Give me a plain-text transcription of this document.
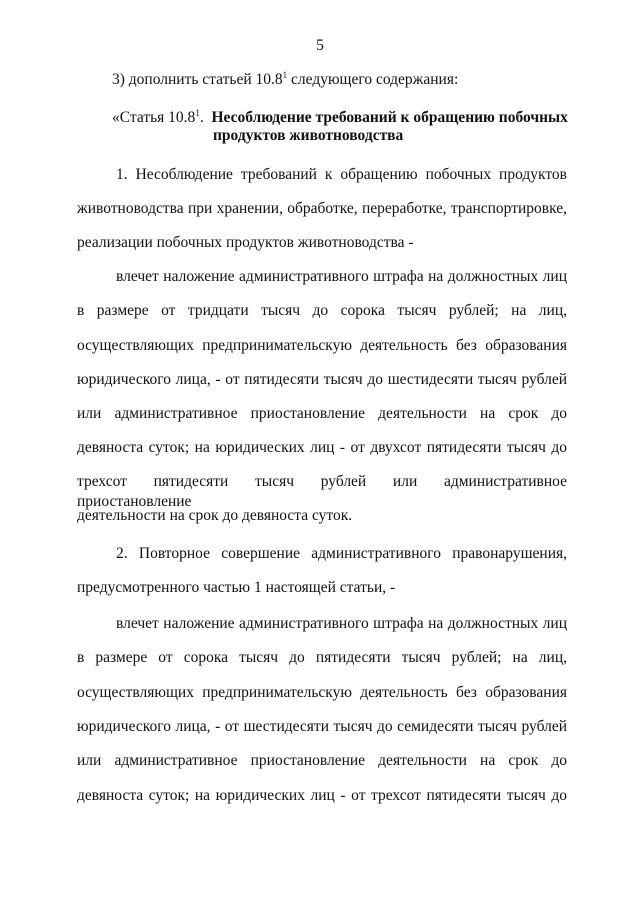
5
3) дополнить статьей 10.8$^1$ следующего содержания:
«Статья 10.8$^1$. Несоблюдение требований к обращению побочных
продуктов животноводства
1. Несоблюдение требований к обращению побочных продуктов
животноводства при хранении, обработке, переработке, транспортировке,
реализации побочных продуктов животноводства -
влечет наложение административного штрафа на должностных лиц
в размере от тридцати тысяч до сорока тысяч рублей; на лиц,
осуществляющих предпринимательскую деятельность без образования
юридического лица, - от пятидесяти тысяч до шестидесяти тысяч рублей
или административное приостановление деятельности на срок до
девяноста суток; на юридических лиц - от двухсот пятидесяти тысяч до
трехсот пятидесяти тысяч рублей или административное приостановление
деятельности на срок до девяноста суток.
2. Повторное совершение административного правонарушения,
предусмотренного частью 1 настоящей статьи, -
влечет наложение административного штрафа на должностных лиц
в размере от сорока тысяч до пятидесяти тысяч рублей; на лиц,
осуществляющих предпринимательскую деятельность без образования
юридического лица, - от шестидесяти тысяч до семидесяти тысяч рублей
или административное приостановление деятельности на срок до
девяноста суток; на юридических лиц - от трехсот пятидесяти тысяч до
